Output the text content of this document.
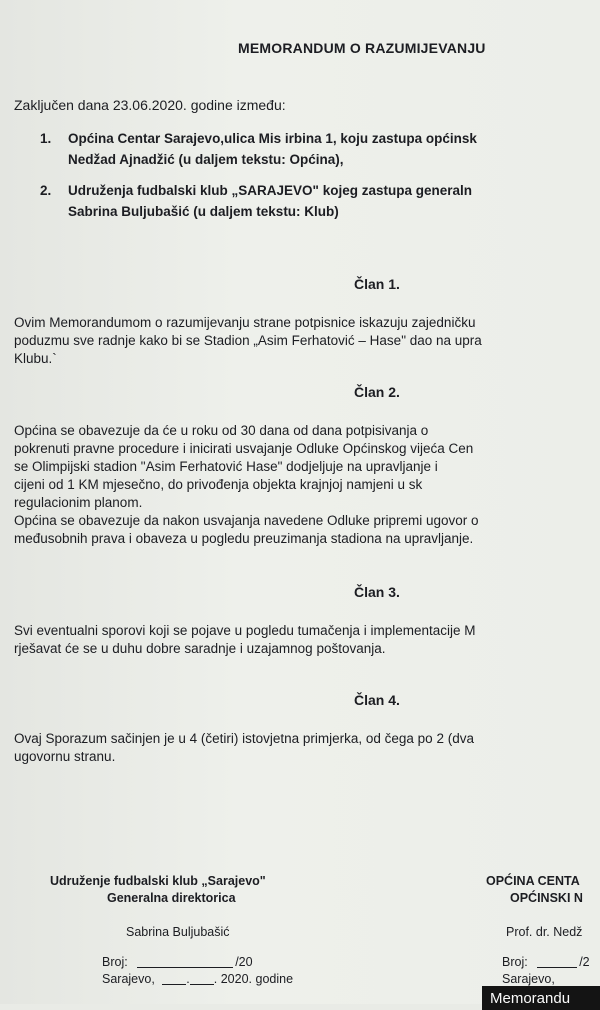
MEMORANDUM O RAZUMIJEVANJU
Zaključen dana 23.06.2020. godine između:
1. Općina Centar Sarajevo,ulica Mis irbina 1, koju zastupa općinsk
Nedžad Ajnadžić (u daljem tekstu: Općina),
2. Udruženja fudbalski klub „SARAJEVO" kojeg zastupa generaln
Sabrina Buljubašić (u daljem tekstu: Klub)
Član 1.
Ovim Memorandumom o razumijevanju strane potpisnice iskazuju zajedničku
poduzmu sve radnje kako bi se Stadion „Asim Ferhatović – Hase" dao na upra
Klubu.`
Član 2.
Općina se obavezuje da će u roku od 30 dana od dana potpisivanja o
pokrenuti pravne procedure i inicirati usvajanje Odluke Općinskog vijeća Cen
se Olimpijski stadion "Asim Ferhatović Hase" dodjeljuje na upravljanje i
cijeni od 1 KM mjesečno, do privođenja objekta krajnjoj namjeni u sk
regulacionim planom.
Općina se obavezuje da nakon usvajanja navedene Odluke pripremi ugovor o
međusobnih prava i obaveza u pogledu preuzimanja stadiona na upravljanje.
Član 3.
Svi eventualni sporovi koji se pojave u pogledu tumačenja i implementacije M
rješavat će se u duhu dobre saradnje i uzajamnog poštovanja.
Član 4.
Ovaj Sporazum sačinjen je u 4 (četiri) istovjetna primjerka, od čega po 2 (dva
ugovornu stranu.
Udruženje fudbalski klub „Sarajevo"
Generalna direktorica
Sabrina Buljubašić
Broj:	/20
Sarajevo,	. . 2020. godine
OPĆINA CENTA
OPĆINSKI N
Prof. dr. Nedž
Broj:	/2
Sarajevo,
Memorandu
